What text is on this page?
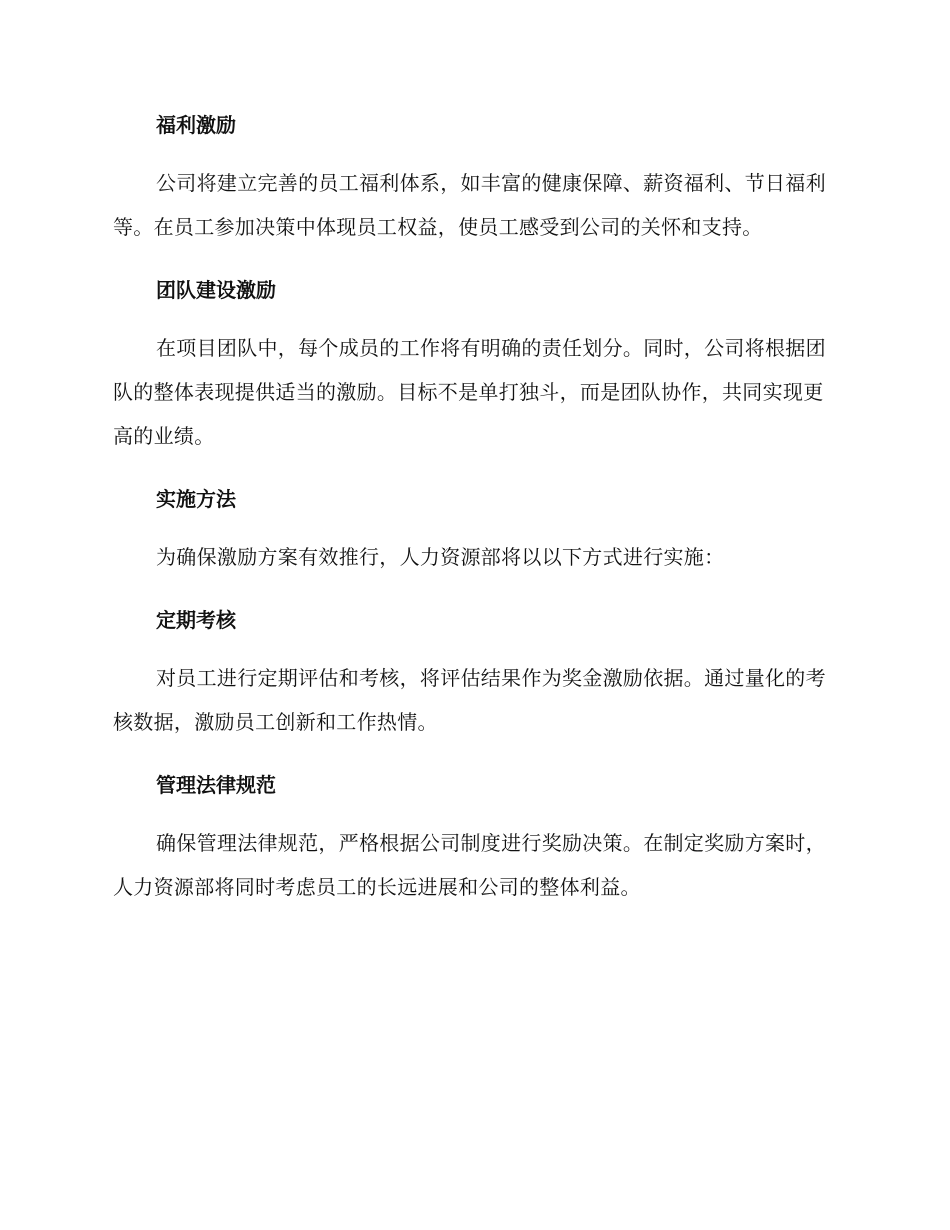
福利激励

公司将建立完善的员工福利体系，如丰富的健康保障、薪资福利、节日福利等。在员工参加决策中体现员工权益，使员工感受到公司的关怀和支持。

团队建设激励

在项目团队中，每个成员的工作将有明确的责任划分。同时，公司将根据团队的整体表现提供适当的激励。目标不是单打独斗，而是团队协作，共同实现更高的业绩。

实施方法

为确保激励方案有效推行，人力资源部将以以下方式进行实施：

定期考核

对员工进行定期评估和考核，将评估结果作为奖金激励依据。通过量化的考核数据，激励员工创新和工作热情。

管理法律规范

确保管理法律规范，严格根据公司制度进行奖励决策。在制定奖励方案时，人力资源部将同时考虑员工的长远进展和公司的整体利益。
